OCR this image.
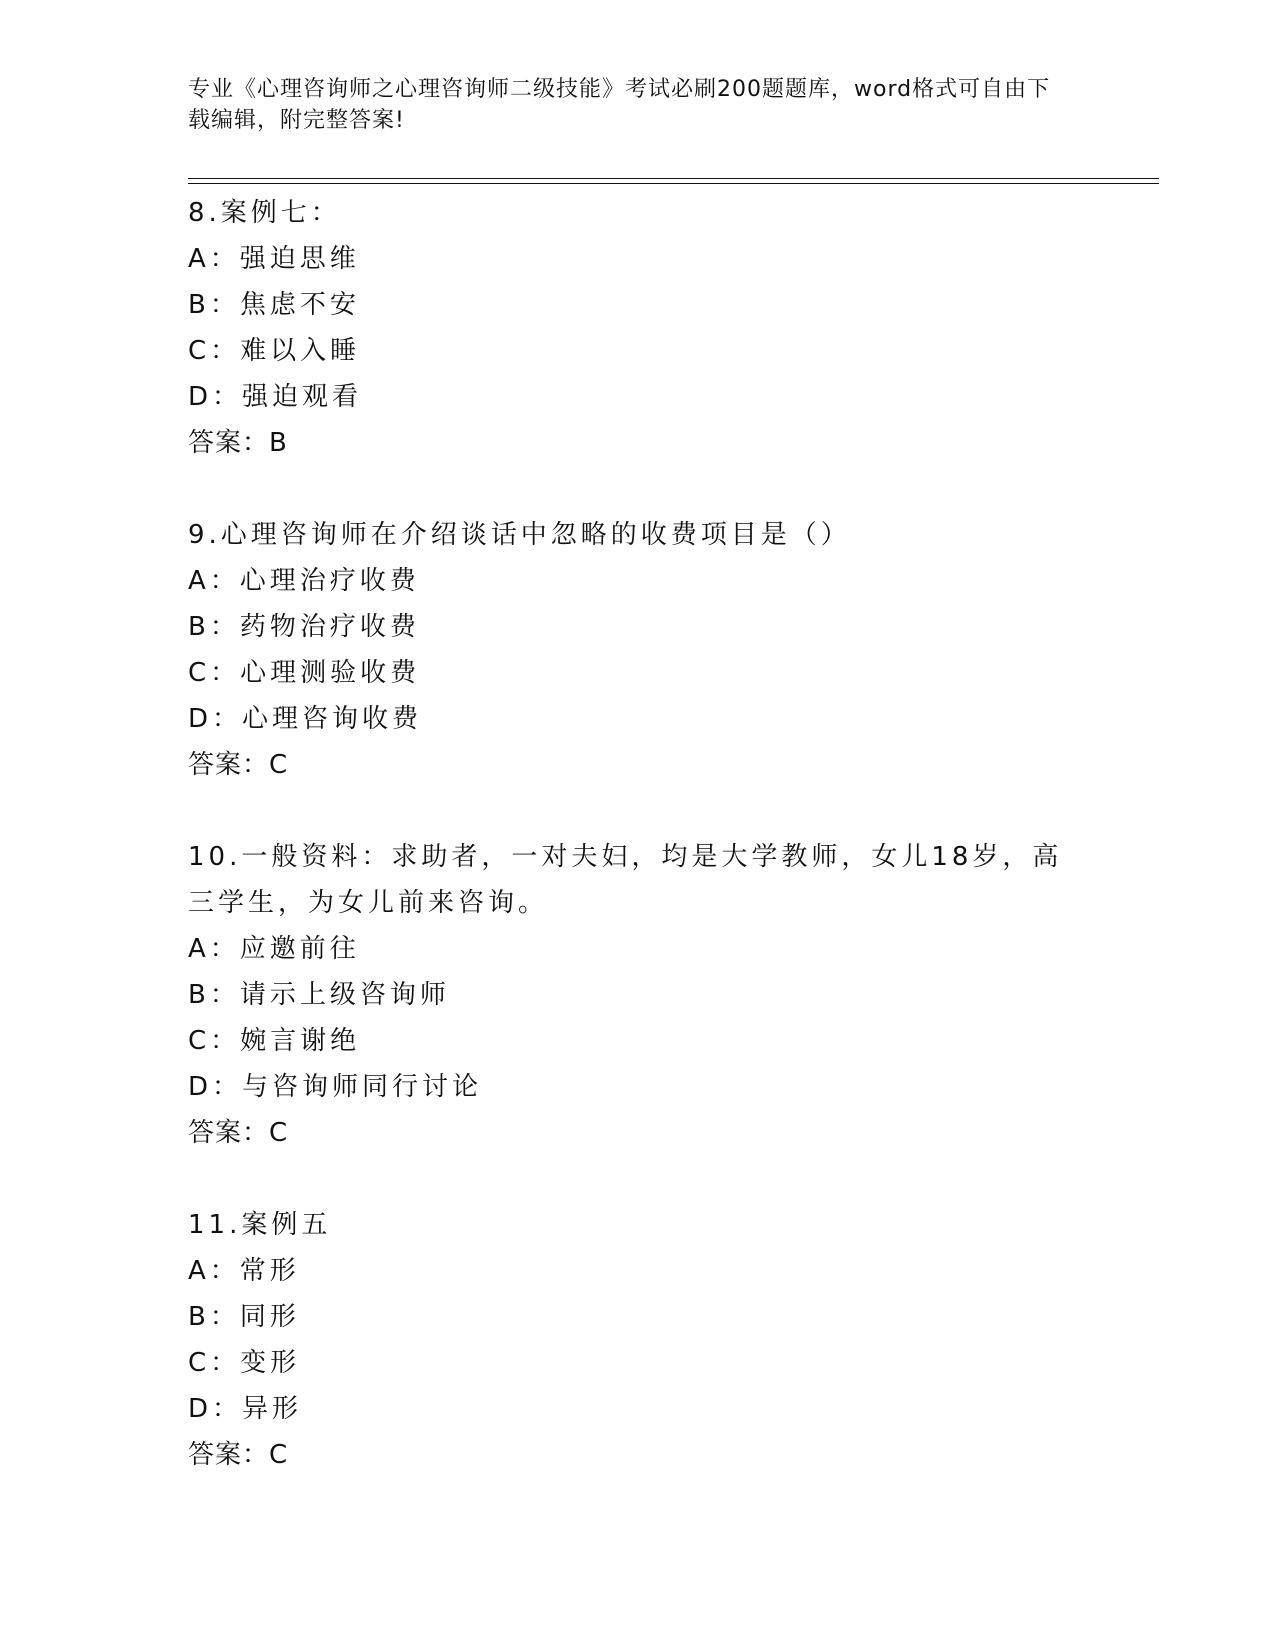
专业《心理咨询师之心理咨询师二级技能》考试必刷200题题库，word格式可自由下载编辑，附完整答案!
8.案例七：
A：强迫思维
B：焦虑不安
C：难以入睡
D：强迫观看
答案：B
9.心理咨询师在介绍谈话中忽略的收费项目是（）
A：心理治疗收费
B：药物治疗收费
C：心理测验收费
D：心理咨询收费
答案：C
10.一般资料：求助者，一对夫妇，均是大学教师，女儿18岁，高三学生，为女儿前来咨询。
A：应邀前往
B：请示上级咨询师
C：婉言谢绝
D：与咨询师同行讨论
答案：C
11.案例五
A：常形
B：同形
C：变形
D：异形
答案：C
